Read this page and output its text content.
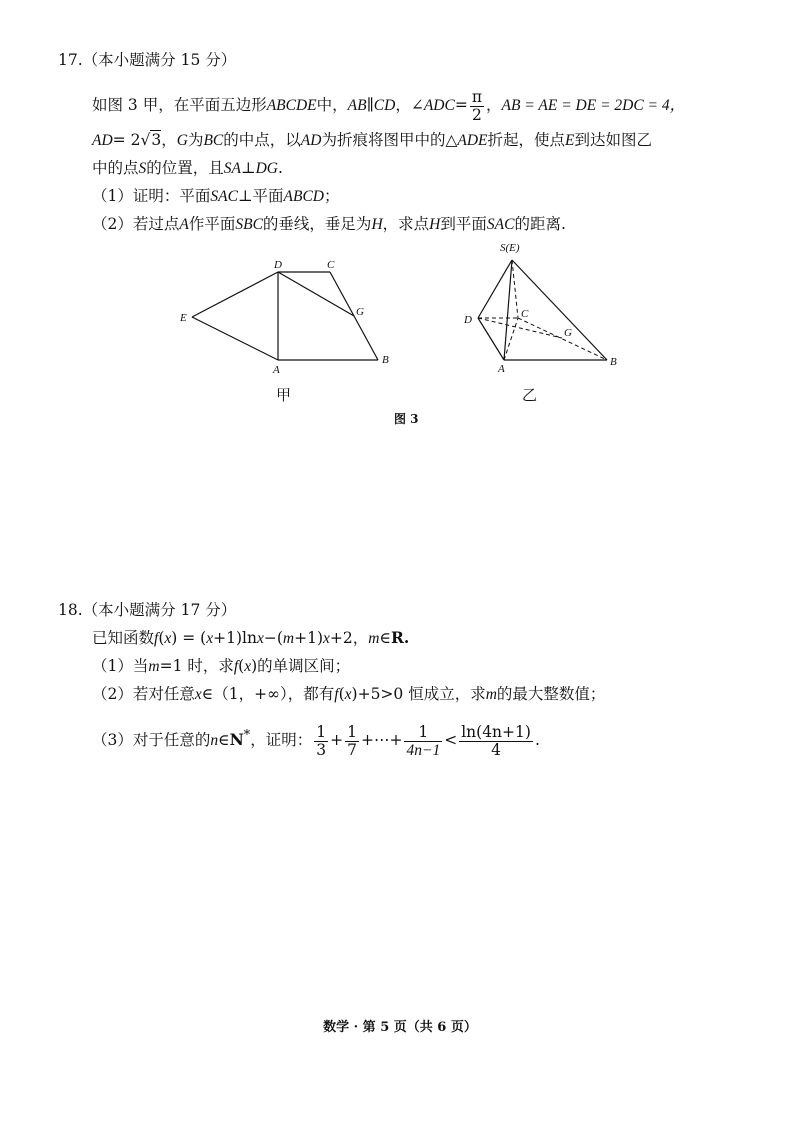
17.（本小题满分 15 分）
如图 3 甲，在平面五边形ABCDE中，AB∥CD，∠ADC= $\frac{\pi}{2}$ ，AB = AE = DE = 2DC = 4，
AD= 2√3，G为BC的中点，以AD为折痕将图甲中的△ADE折起，使点E到达如图乙
中的点S的位置，且SA⊥DG.
（1）证明：平面SAC⊥平面ABCD；
（2）若过点A作平面SBC的垂线，垂足为H，求点H到平面SAC的距离.
D	C
E	G
A
B
S(E)
D	C
G
A
B
甲	乙
图 3
18.（本小题满分 17 分）
已知函数f(x) = (x+1)lnx−(m+1)x+2，m∈R.
（1）当m=1 时，求f(x)的单调区间；
（2）若对任意x∈（1，+∞），都有f(x)+5>0 恒成立，求m的最大整数值；
（3）对于任意的n∈N*，证明： $\frac{1}{3} + \frac{1}{7}$ +⋯+ $\frac{1}{4n-1} < \frac{\ln(4n+1)}{4}$ .
数学 · 第 5 页（共 6 页）
